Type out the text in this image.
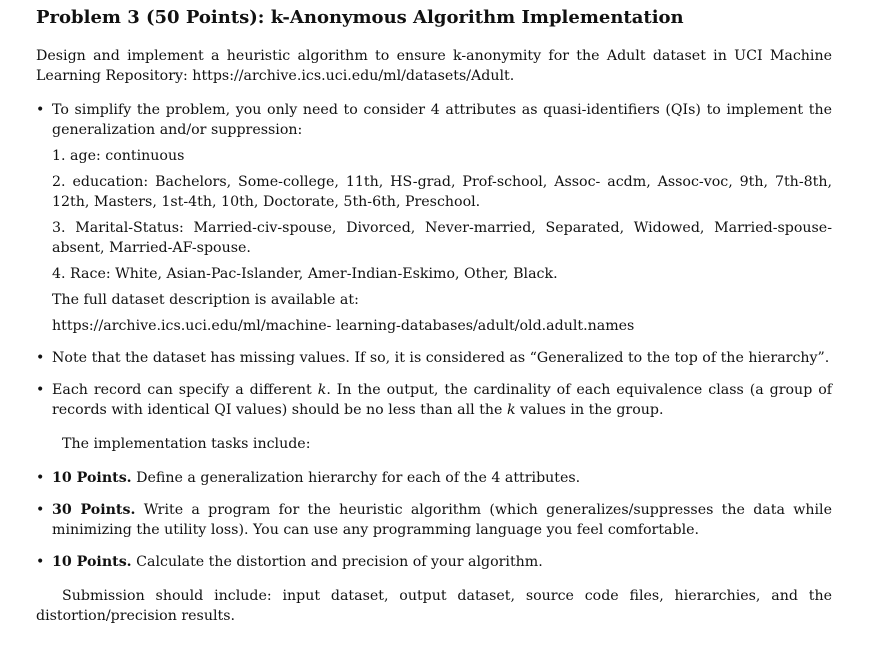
Problem 3 (50 Points): k-Anonymous Algorithm Implementation

Design and implement a heuristic algorithm to ensure k-anonymity for the Adult dataset in UCI Machine Learning Repository: https://archive.ics.uci.edu/ml/datasets/Adult.

• To simplify the problem, you only need to consider 4 attributes as quasi-identifiers (QIs) to implement the generalization and/or suppression:
1. age: continuous
2. education: Bachelors, Some-college, 11th, HS-grad, Prof-school, Assoc- acdm, Assoc-voc, 9th, 7th-8th, 12th, Masters, 1st-4th, 10th, Doctorate, 5th-6th, Preschool.
3. Marital-Status: Married-civ-spouse, Divorced, Never-married, Separated, Widowed, Married-spouse-absent, Married-AF-spouse.
4. Race: White, Asian-Pac-Islander, Amer-Indian-Eskimo, Other, Black.
The full dataset description is available at:
https://archive.ics.uci.edu/ml/machine- learning-databases/adult/old.adult.names
• Note that the dataset has missing values. If so, it is considered as “Generalized to the top of the hierarchy”.
• Each record can specify a different k. In the output, the cardinality of each equivalence class (a group of records with identical QI values) should be no less than all the k values in the group.

The implementation tasks include:

• 10 Points. Define a generalization hierarchy for each of the 4 attributes.
• 30 Points. Write a program for the heuristic algorithm (which generalizes/suppresses the data while minimizing the utility loss). You can use any programming language you feel comfortable.
• 10 Points. Calculate the distortion and precision of your algorithm.

Submission should include: input dataset, output dataset, source code files, hierarchies, and the distortion/precision results.
